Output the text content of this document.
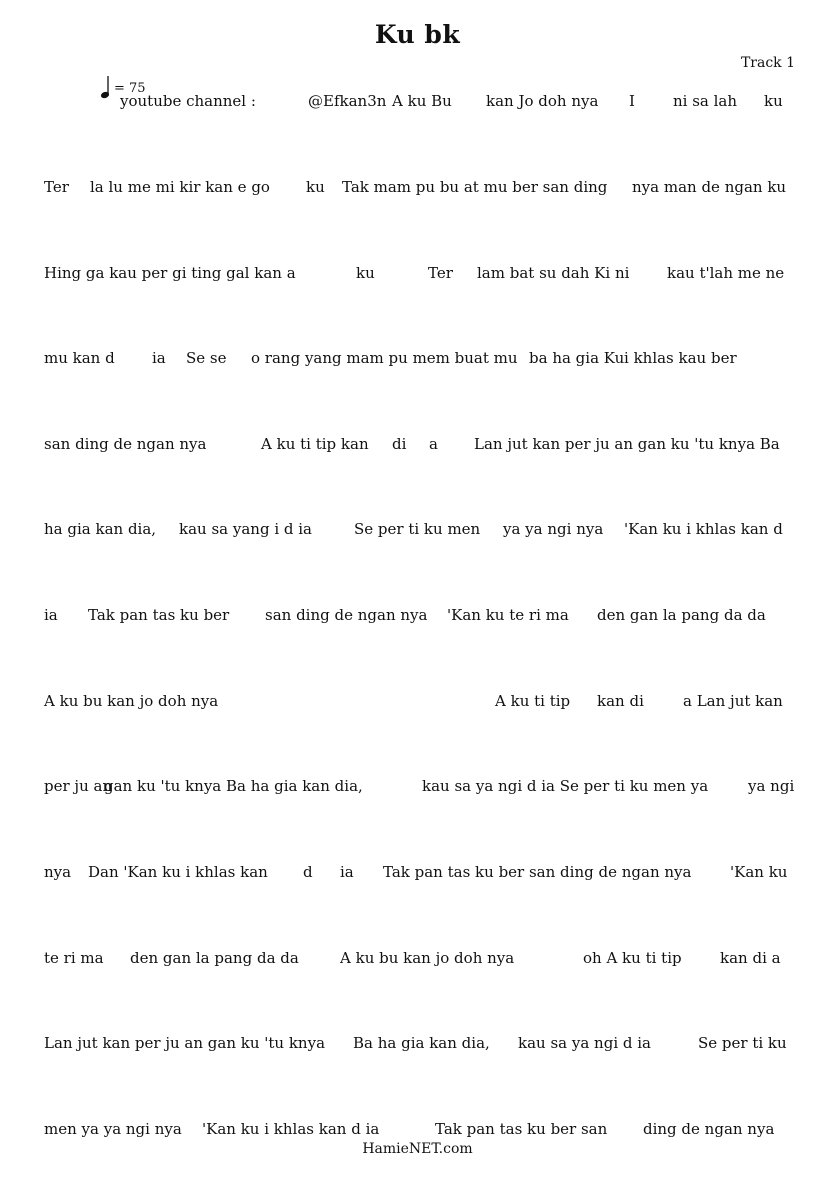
Ku bk
Track 1
= 75
youtube channel :	@Efkan3n A ku Bu kan Jo doh nya I	ni sa lah ku
Ter la lu me mi kir kan e go ku Tak mam pu bu at mu ber san ding nya man de ngan ku
Hing ga kau per gi ting gal kan a	ku	Ter lam bat su dah Ki ni	kau t'lah me ne
mu kan d ia Se se o rang yang mam pu mem buat mu ba ha gia Ku i khlas kau ber
san ding de ngan nya	A ku ti tip kan di a Lan jut kan per ju an gan ku 'tu knya Ba
ha gia kan dia, kau sa yang i d ia	Se per ti ku men ya ya ngi nya 'Kan ku i khlas kan d
ia Tak pan tas ku ber san ding de ngan nya 'Kan ku te ri ma den gan la pang da da
A ku bu kan jo doh nya	A ku ti tip kan di	a Lan jut kan
per ju an
gan ku 'tu knya Ba ha gia kan dia,	kau sa ya ngi d ia Se per ti ku men ya	ya ngi
nya Dan 'Kan ku i khlas kan d ia Tak pan tas ku ber san ding de ngan nya	'Kan ku
te ri ma den gan la pang da da	A ku bu kan jo doh nya	oh A ku ti tip	kan di a
Lan jut kan per ju an gan ku 'tu knya Ba ha gia kan dia, kau sa ya ngi d ia	Se per ti ku
men ya ya ngi nya 'Kan ku i khlas kan d ia	Tak pan tas ku ber san ding de ngan nya
HamieNET.com
